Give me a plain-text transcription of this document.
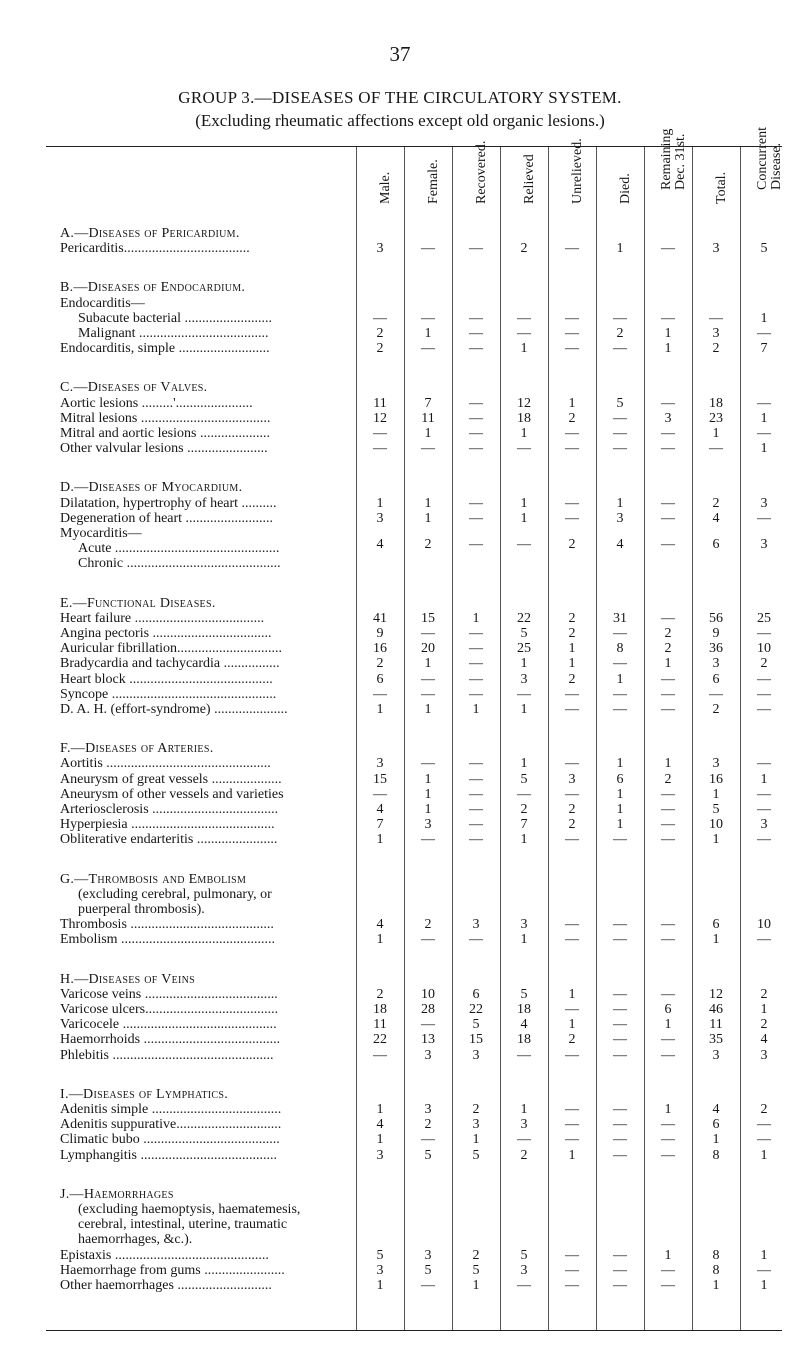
37
GROUP 3.—DISEASES OF THE CIRCULATORY SYSTEM.
(Excluding rheumatic affections except old organic lesions.)
Male. Female. Recovered. Relieved Unrelieved. Died. Remaining
Dec. 31st.
Total. Concurrent
Disease.
A.—Diseases of Pericardium.
Pericarditis....................................	3	—	—	2	—	1	—	3	5
B.—Diseases of Endocardium.
Endocarditis—
Subacute bacterial .........................	—	—	—	—	—	—	—	—	1
Malignant .....................................	2	1	—	—	—	2	1	3	—
Endocarditis, simple ..........................	2	—	—	1	—	—	1	2	7
C.—Diseases of Valves.
Aortic lesions .........'......................	11	7	—	12	1	5	—	18	—
Mitral lesions .....................................	12	11	—	18	2	—	3	23	1
Mitral and aortic lesions ....................	—	1	—	1	—	—	—	1	—
Other valvular lesions .......................	—	—	—	—	—	—	—	—	1
D.—Diseases of Myocardium.
Dilatation, hypertrophy of heart ..........	1	1	—	1	—	1	—	2	3
Degeneration of heart .........................	3	1	—	1	—	3	—	4	—
Myocarditis—
Acute ...............................................	4	2	—	—	2	4	—	6	3
Chronic ............................................
E.—Functional Diseases.
Heart failure .....................................	41	15	1	22	2	31	—	56	25
Angina pectoris ..................................	9	—	—	5	2	—	2	9	—
Auricular fibrillation..............................	16	20	—	25	1	8	2	36	10
Bradycardia and tachycardia ................	2	1	—	1	1	—	1	3	2
Heart block .........................................	6	—	—	3	2	1	—	6	—
Syncope ...............................................	—	—	—	—	—	—	—	—	—
D. A. H. (effort-syndrome) .....................	1	1	1	1	—	—	—	2	—
F.—Diseases of Arteries.
Aortitis ...............................................	3	—	—	1	—	1	1	3	—
Aneurysm of great vessels ....................	15	1	—	5	3	6	2	16	1
Aneurysm of other vessels and varieties	—	1	—	—	—	1	—	1	—
Arteriosclerosis ....................................	4	1	—	2	2	1	—	5	—
Hyperpiesia .........................................	7	3	—	7	2	1	—	10	3
Obliterative endarteritis .......................	1	—	—	1	—	—	—	1	—
G.—Thrombosis and Embolism
(excluding cerebral, pulmonary, or
puerperal thrombosis).
Thrombosis .........................................	4	2	3	3	—	—	—	6	10
Embolism ............................................	1	—	—	1	—	—	—	1	—
H.—Diseases of Veins
Varicose veins ......................................	2	10	6	5	1	—	—	12	2
Varicose ulcers......................................	18	28	22	18	—	—	6	46	1
Varicocele ............................................	11	—	5	4	1	—	1	11	2
Haemorrhoids .......................................	22	13	15	18	2	—	—	35	4
Phlebitis ..............................................	—	3	3	—	—	—	—	3	3
I.—Diseases of Lymphatics.
Adenitis simple .....................................	1	3	2	1	—	—	1	4	2
Adenitis suppurative..............................	4	2	3	3	—	—	—	6	—
Climatic bubo .......................................	1	—	1	—	—	—	—	1	—
Lymphangitis .......................................	3	5	5	2	1	—	—	8	1
J.—Haemorrhages
(excluding haemoptysis, haematemesis,
cerebral, intestinal, uterine, traumatic
haemorrhages, &c.).
Epistaxis ............................................	5	3	2	5	—	—	1	8	1
Haemorrhage from gums .......................	3	5	5	3	—	—	—	8	—
Other haemorrhages ...........................	1	—	1	—	—	—	—	1	1
